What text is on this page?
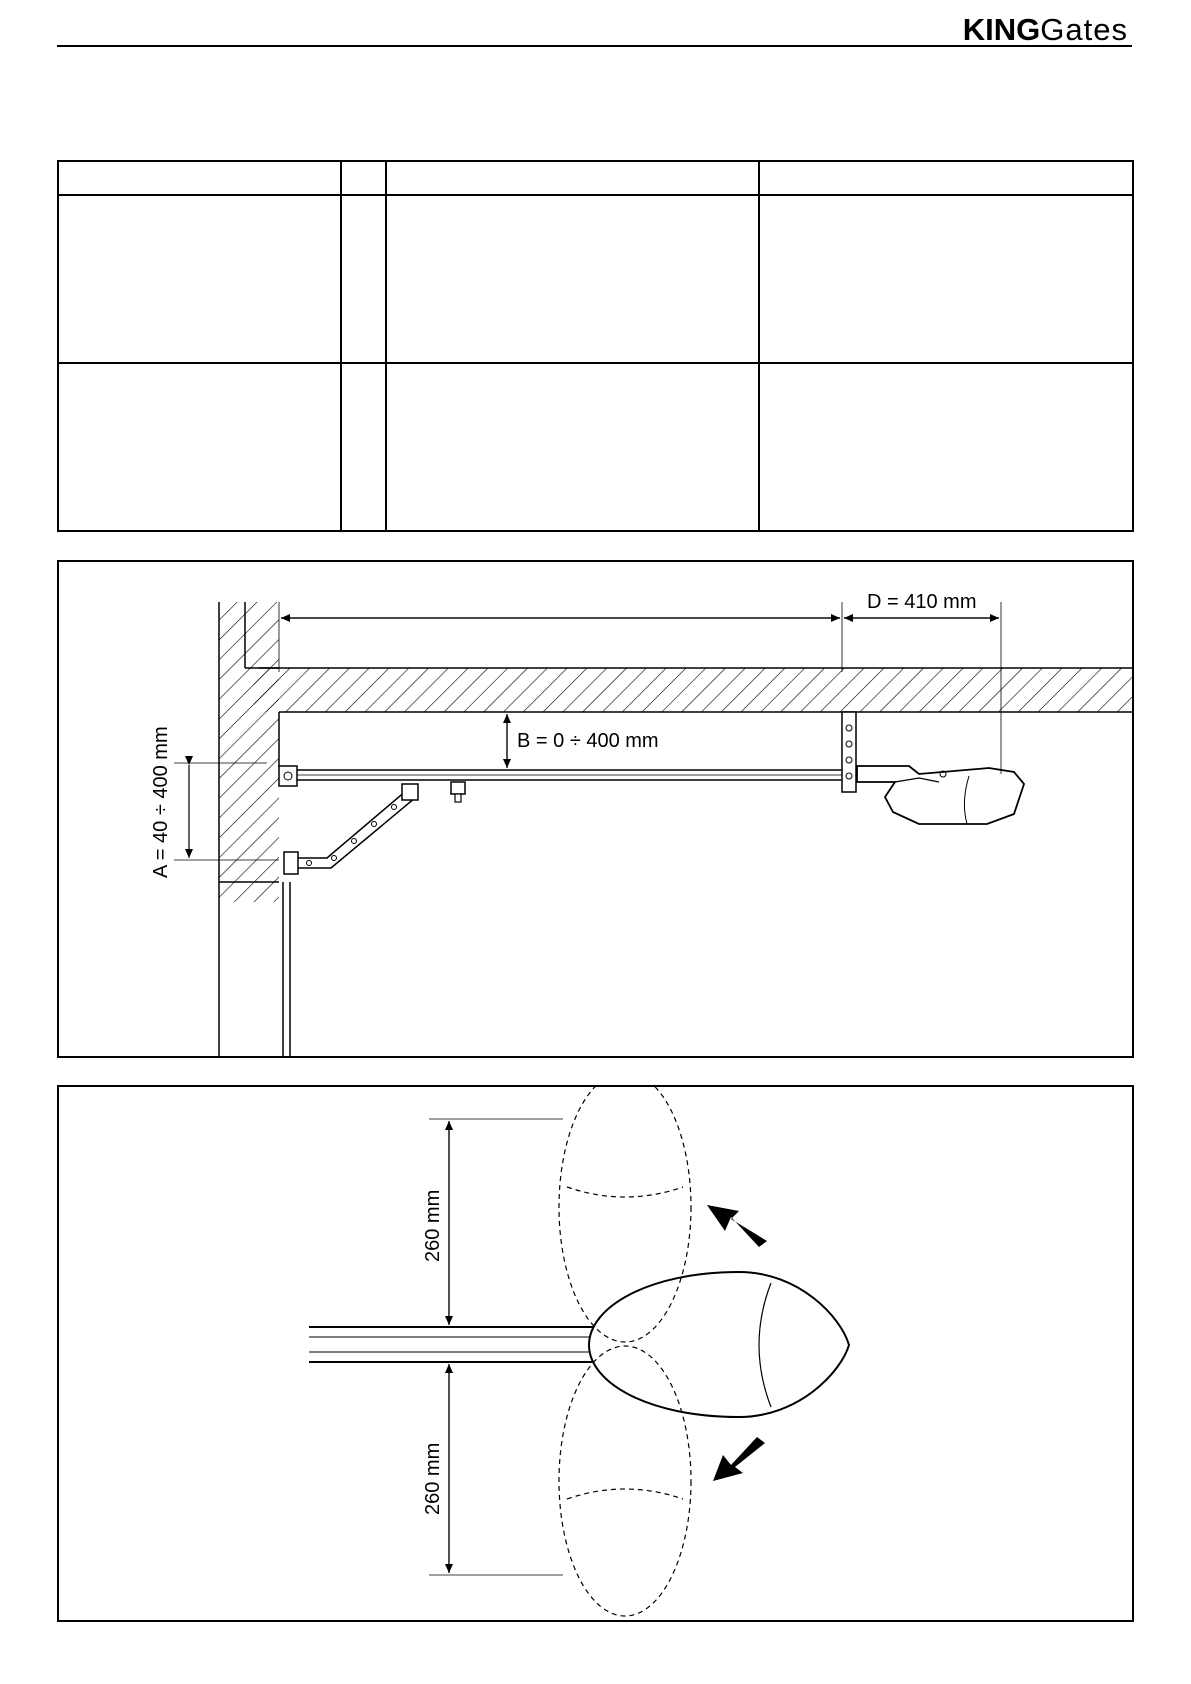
KINGGates

A = 40 ÷ 400 mm	B = 0 ÷ 400 mm
D = 410 mm
260 mm
260 mm
